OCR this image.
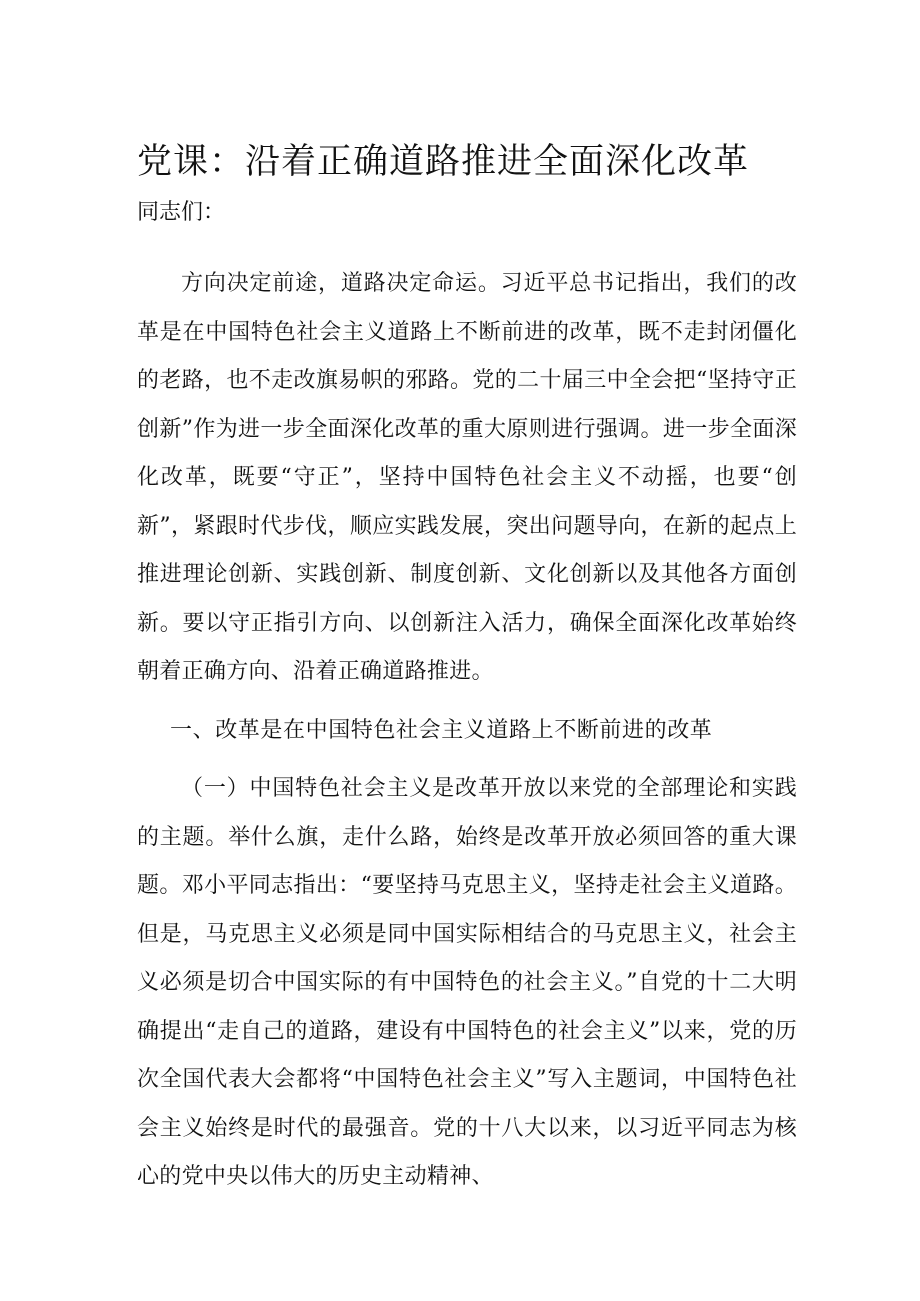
党课：沿着正确道路推进全面深化改革

同志们：

方向决定前途，道路决定命运。习近平总书记指出，我们的改革是在中国特色社会主义道路上不断前进的改革，既不走封闭僵化的老路，也不走改旗易帜的邪路。党的二十届三中全会把“坚持守正创新”作为进一步全面深化改革的重大原则进行强调。进一步全面深化改革，既要“守正”，坚持中国特色社会主义不动摇，也要“创新”，紧跟时代步伐，顺应实践发展，突出问题导向，在新的起点上推进理论创新、实践创新、制度创新、文化创新以及其他各方面创新。要以守正指引方向、以创新注入活力，确保全面深化改革始终朝着正确方向、沿着正确道路推进。

一、改革是在中国特色社会主义道路上不断前进的改革

（一）中国特色社会主义是改革开放以来党的全部理论和实践的主题。举什么旗，走什么路，始终是改革开放必须回答的重大课题。邓小平同志指出：“要坚持马克思主义，坚持走社会主义道路。但是，马克思主义必须是同中国实际相结合的马克思主义，社会主义必须是切合中国实际的有中国特色的社会主义。”自党的十二大明确提出“走自己的道路，建设有中国特色的社会主义”以来，党的历次全国代表大会都将“中国特色社会主义”写入主题词，中国特色社会主义始终是时代的最强音。党的十八大以来，以习近平同志为核心的党中央以伟大的历史主动精神、
